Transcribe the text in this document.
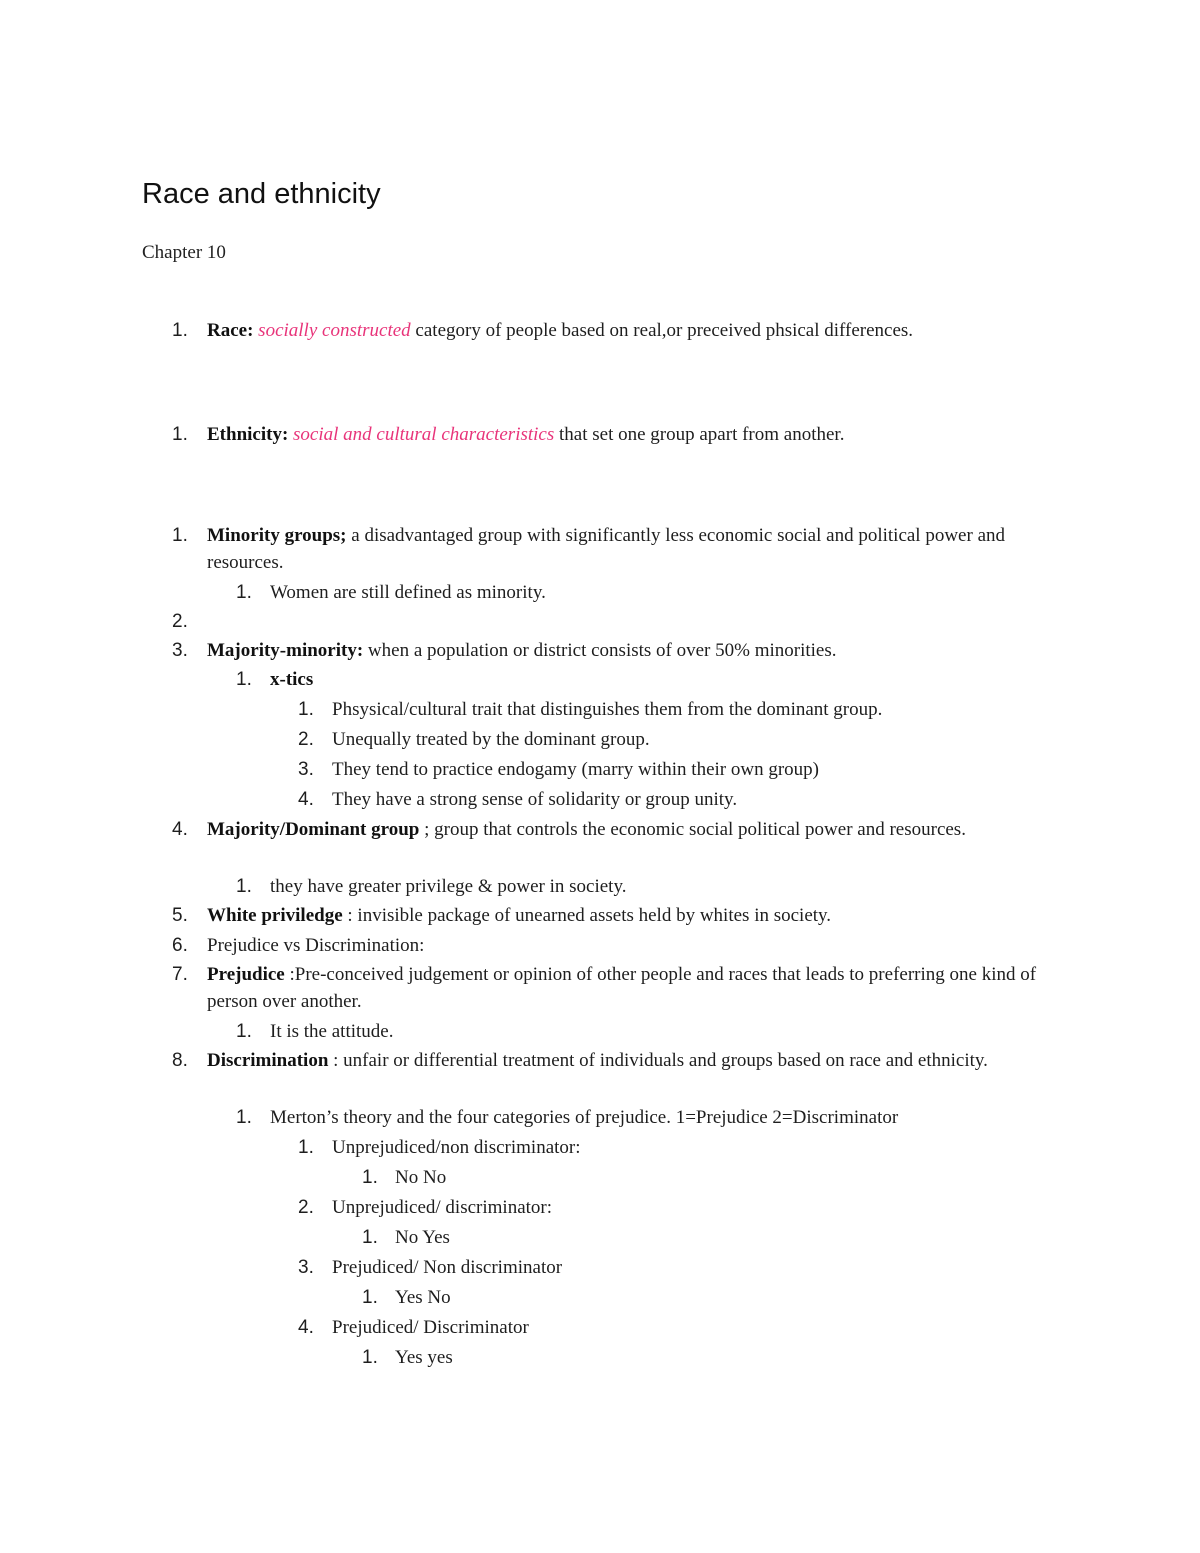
Race and ethnicity
Chapter 10
1. Race: socially constructed category of people based on real,or preceived phsical differences.
1. Ethnicity: social and cultural characteristics that set one group apart from another.
1. Minority groups; a disadvantaged group with significantly less economic social and political power and resources.
1. Women are still defined as minority.
2.
3. Majority-minority: when a population or district consists of over 50% minorities.
1. x-tics
1. Phsysical/cultural trait that distinguishes them from the dominant group.
2. Unequally treated by the dominant group.
3. They tend to practice endogamy (marry within their own group)
4. They have a strong sense of solidarity or group unity.
4. Majority/Dominant group ; group that controls the economic social political power and resources.
1. they have greater privilege & power in society.
5. White priviledge : invisible package of unearned assets held by whites in society.
6. Prejudice vs Discrimination:
7. Prejudice :Pre-conceived judgement or opinion of other people and races that leads to preferring one kind of person over another.
1. It is the attitude.
8. Discrimination : unfair or differential treatment of individuals and groups based on race and ethnicity.
1. Merton’s theory and the four categories of prejudice. 1=Prejudice 2=Discriminator
1. Unprejudiced/non discriminator:
1. No No
2. Unprejudiced/ discriminator:
1. No Yes
3. Prejudiced/ Non discriminator
1. Yes No
4. Prejudiced/ Discriminator
1. Yes yes
